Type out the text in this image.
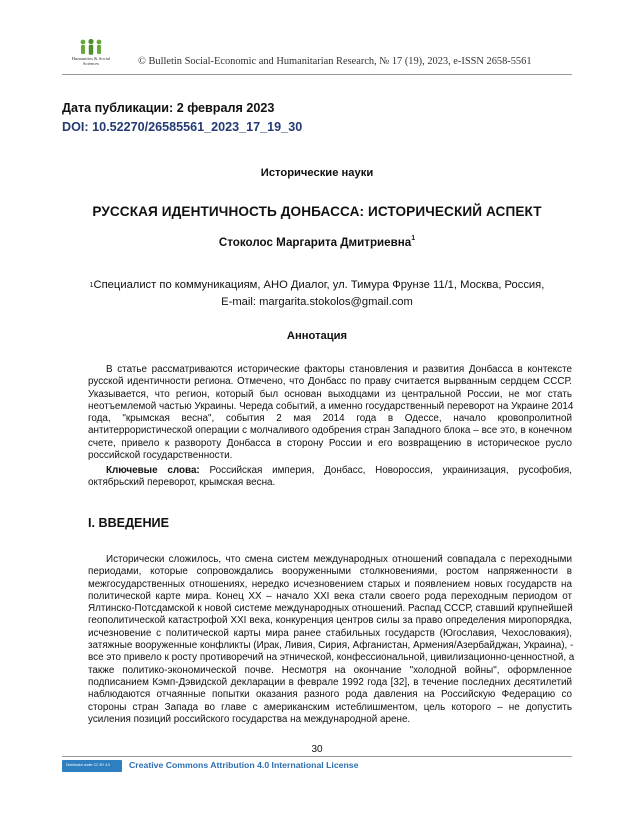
Humanities & Social
Sciences	© Bulletin Social-Economic and Humanitarian Research, № 17 (19), 2023, e-ISSN 2658-5561
Дата публикации: 2 февраля 2023
DOI: 10.52270/26585561_2023_17_19_30
Исторические науки
РУССКАЯ ИДЕНТИЧНОСТЬ ДОНБАССА: ИСТОРИЧЕСКИЙ АСПЕКТ
Стоколос Маргарита Дмитриевна$^1$
$^1$Специалист по коммуникациям, АНО Диалог, ул. Тимура Фрунзе 11/1, Москва, Россия,
E-mail: margarita.stokolos@gmail.com
Аннотация
В статье рассматриваются исторические факторы становления и развития Донбасса в контексте
русской идентичности региона. Отмечено, что Донбасс по праву считается вырванным сердцем СССР.
Указывается, что регион, который был основан выходцами из центральной России, не мог стать
неотъемлемой частью Украины. Череда событий, а именно государственный переворот на Украине 2014
года, "крымская весна", события 2 мая 2014 года в Одессе, начало кровопролитной
антитеррористической операции с молчаливого одобрения стран Западного блока – все это, в конечном
счете, привело к развороту Донбасса в сторону России и его возвращению в историческое русло
российской государственности.
Ключевые слова: Российская империя, Донбасс, Новороссия, украинизация, русофобия,
октябрьский переворот, крымская весна.
I. ВВЕДЕНИЕ
Исторически сложилось, что смена систем международных отношений совпадала с переходными
периодами, которые сопровождались вооруженными столкновениями, ростом напряженности в
межгосударственных отношениях, нередко исчезновением старых и появлением новых государств на
политической карте мира. Конец XX – начало XXI века стали своего рода переходным периодом от
Ялтинско-Потсдамской к новой системе международных отношений. Распад СССР, ставший крупнейшей
геополитической катастрофой XXI века, конкуренция центров силы за право определения миропорядка,
исчезновение с политической карты мира ранее стабильных государств (Югославия, Чехословакия),
затяжные вооруженные конфликты (Ирак, Ливия, Сирия, Афганистан, Армения/Азербайджан, Украина), -
все это привело к росту противоречий на этнической, конфессиональной, цивилизационно-ценностной, а
также политико-экономической почве. Несмотря на окончание "холодной войны", оформленное
подписанием Кэмп-Дэвидской декларации в феврале 1992 года [32], в течение последних десятилетий
наблюдаются отчаянные попытки оказания разного рода давления на Российскую Федерацию со
стороны стран Запада во главе с американским истеблишментом, цель которого – не допустить
усиления позиций российского государства на международной арене.
30
Distributed under CC BY 4.0 Creative Commons Attribution 4.0 International License
